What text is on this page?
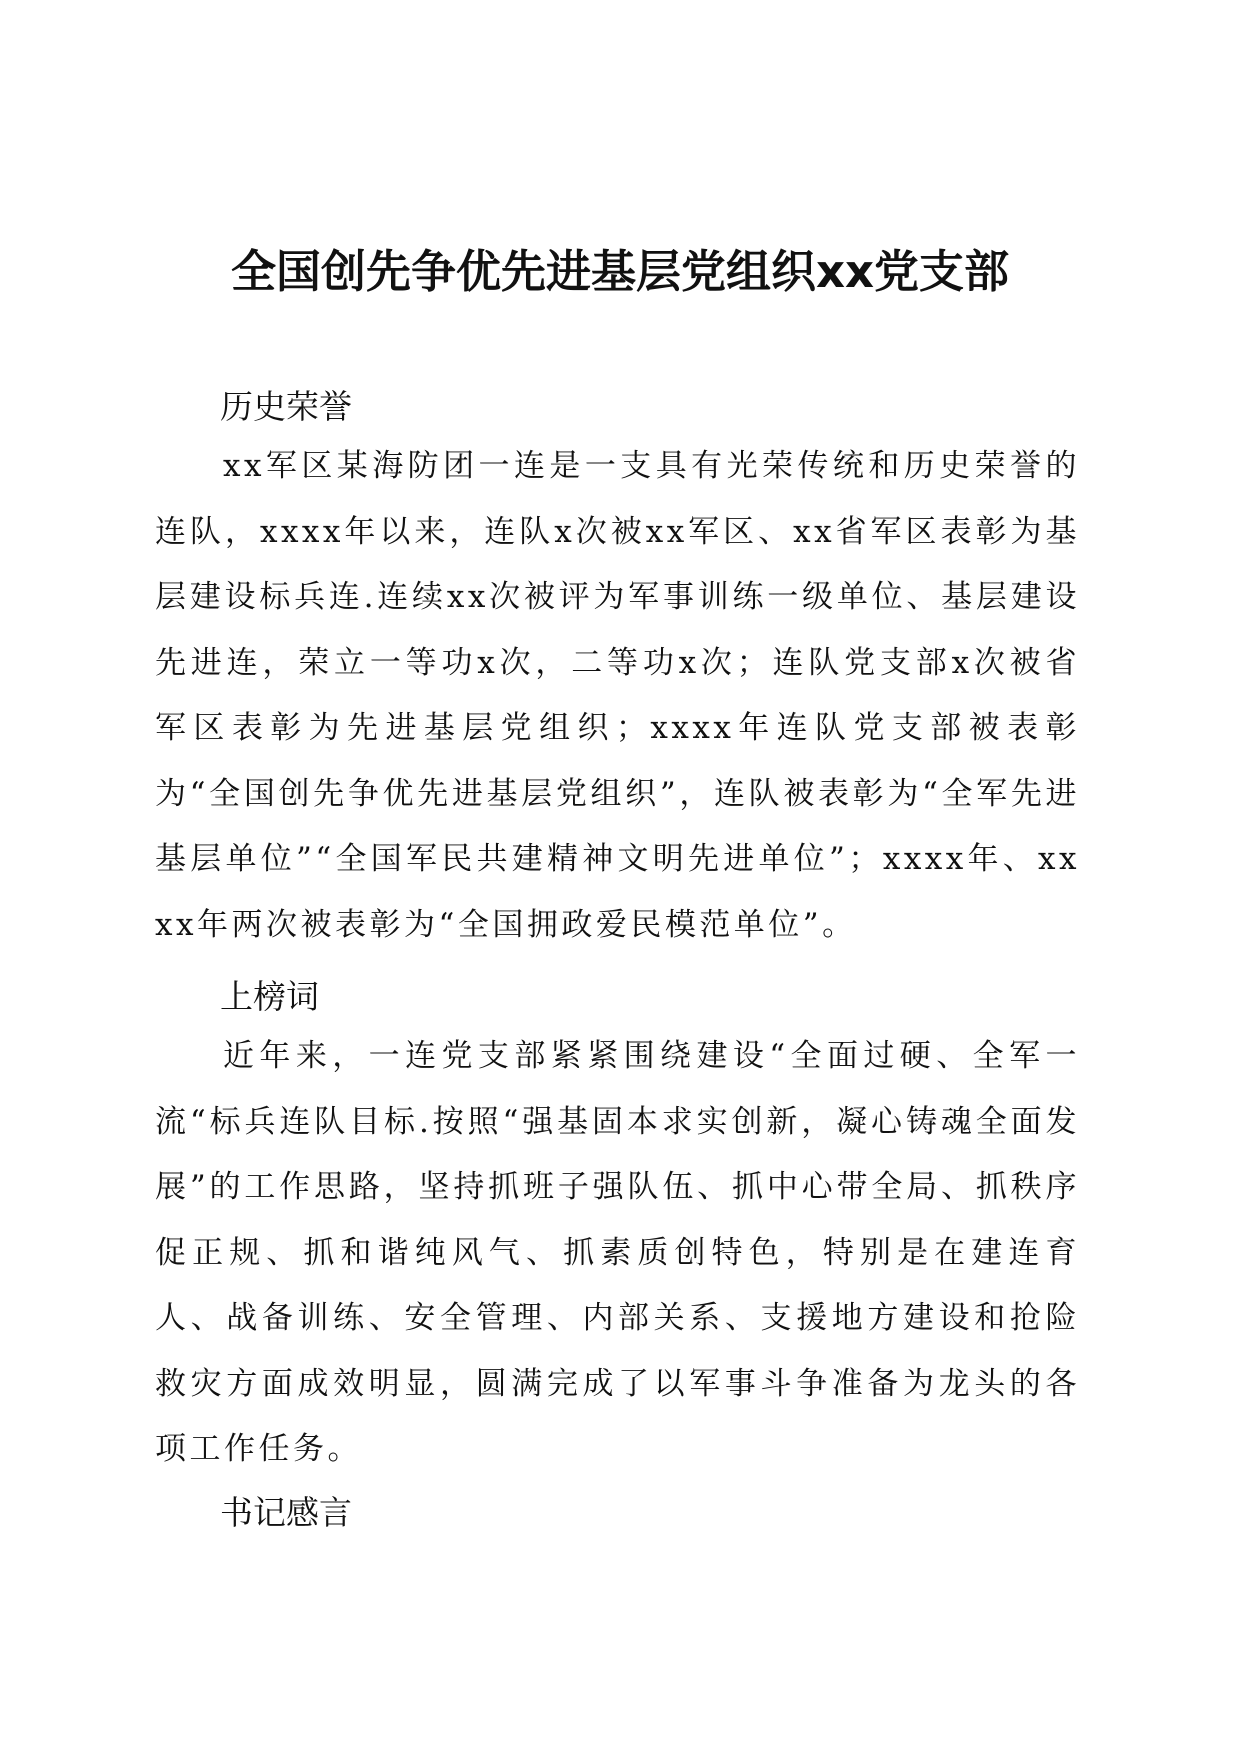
全国创先争优先进基层党组织xx党支部
历史荣誉

xx军区某海防团一连是一支具有光荣传统和历史荣誉的连队，xxxx年以来，连队x次被xx军区、xx省军区表彰为基层建设标兵连.连续xx次被评为军事训练一级单位、基层建设先进连，荣立一等功x次，二等功x次；连队党支部x次被省军区表彰为先进基层党组织；xxxx年连队党支部被表彰为“全国创先争优先进基层党组织”，连队被表彰为“全军先进基层单位”“全国军民共建精神文明先进单位”；xxxx年、xxxx年两次被表彰为“全国拥政爱民模范单位”。

上榜词

近年来，一连党支部紧紧围绕建设“全面过硬、全军一流“标兵连队目标.按照“强基固本求实创新，凝心铸魂全面发展”的工作思路，坚持抓班子强队伍、抓中心带全局、抓秩序促正规、抓和谐纯风气、抓素质创特色，特别是在建连育人、战备训练、安全管理、内部关系、支援地方建设和抢险救灾方面成效明显，圆满完成了以军事斗争准备为龙头的各项工作任务。

书记感言
